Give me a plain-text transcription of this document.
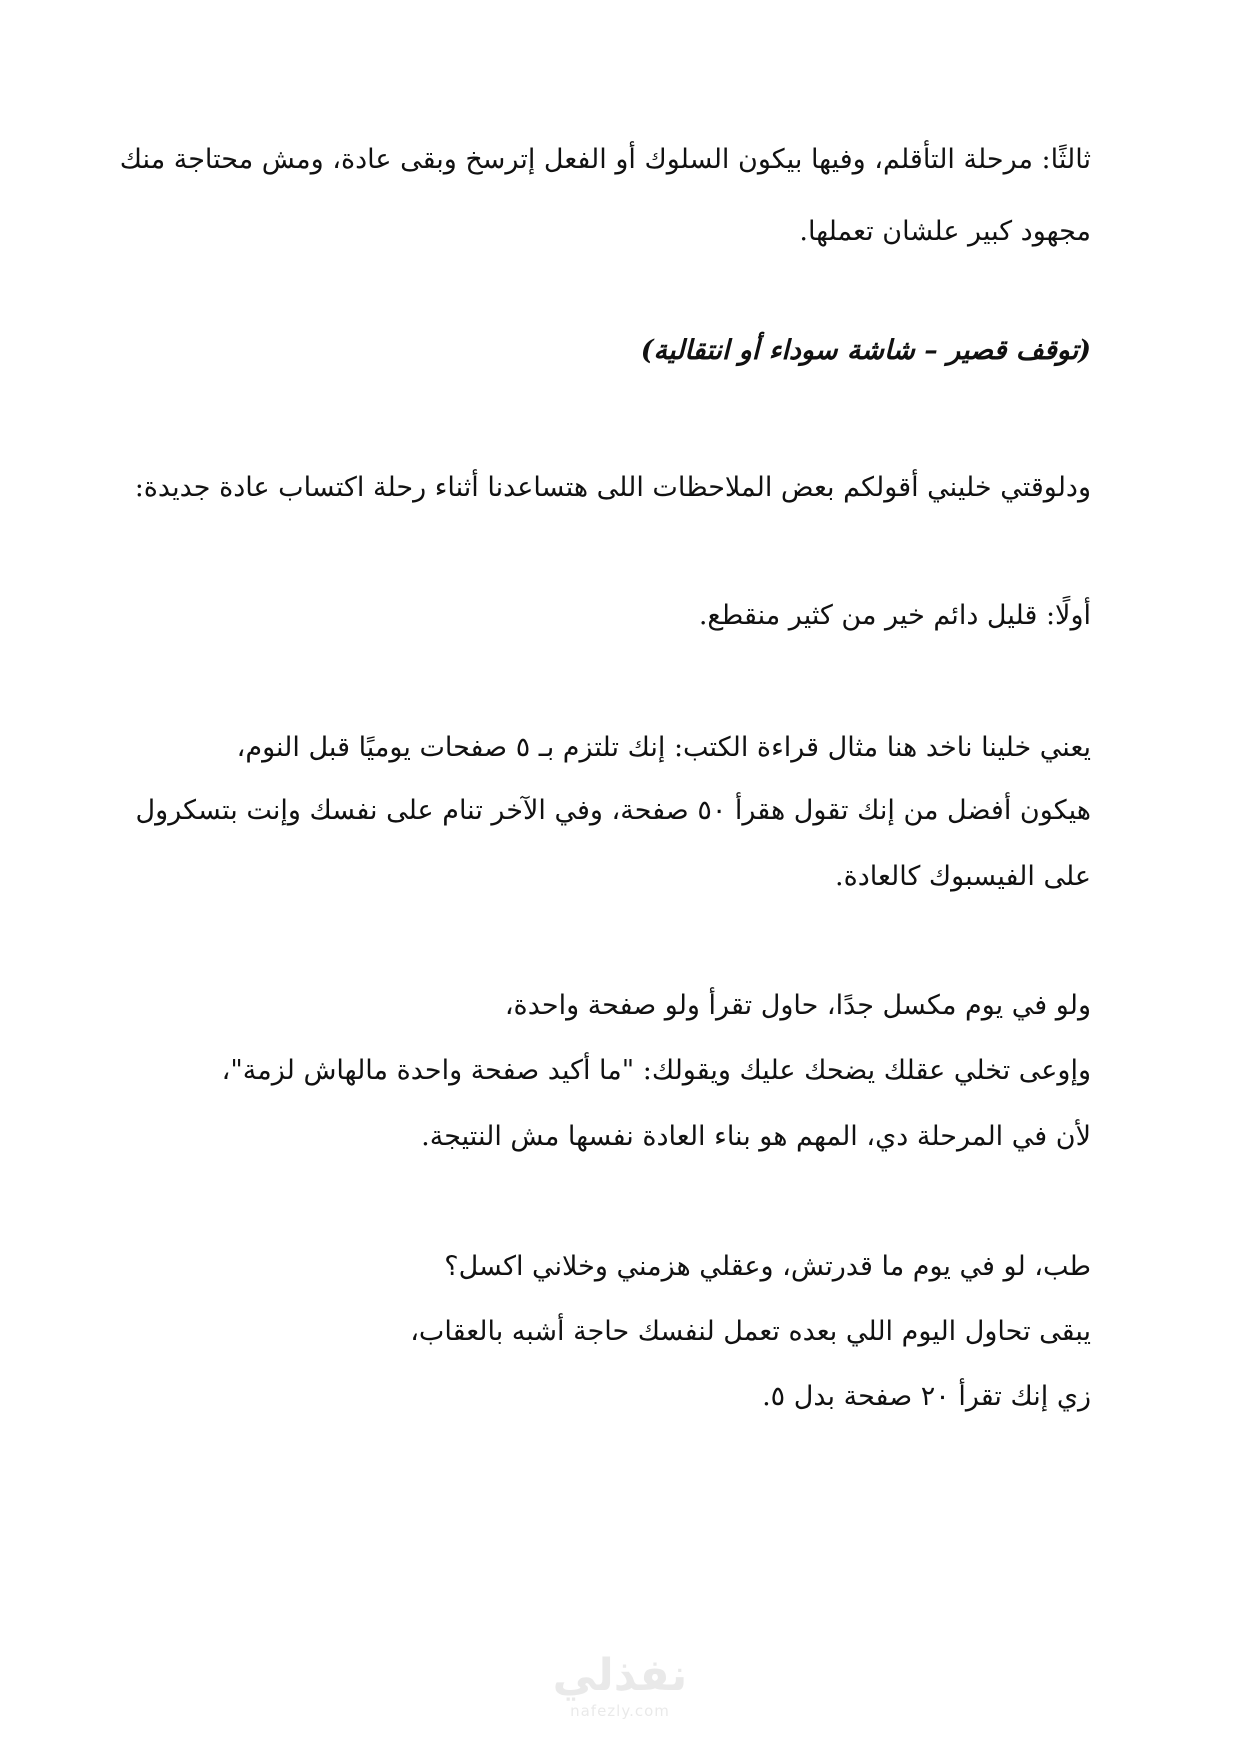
ثالثًا: مرحلة التأقلم، وفيها بيكون السلوك أو الفعل إترسخ وبقى عادة، ومش محتاجة منك
مجهود كبير علشان تعملها.
(توقف قصير – شاشة سوداء أو انتقالية)
ودلوقتي خليني أقولكم بعض الملاحظات اللى هتساعدنا أثناء رحلة اكتساب عادة جديدة:
أولًا: قليل دائم خير من كثير منقطع.
يعني خلينا ناخد هنا مثال قراءة الكتب: إنك تلتزم بـ ٥ صفحات يوميًا قبل النوم،
هيكون أفضل من إنك تقول هقرأ ٥٠ صفحة، وفي الآخر تنام على نفسك وإنت بتسكرول
على الفيسبوك كالعادة.
ولو في يوم مكسل جدًا، حاول تقرأ ولو صفحة واحدة،
وإوعى تخلي عقلك يضحك عليك ويقولك: "ما أكيد صفحة واحدة مالهاش لزمة"،
لأن في المرحلة دي، المهم هو بناء العادة نفسها مش النتيجة.
طب، لو في يوم ما قدرتش، وعقلي هزمني وخلاني اكسل؟
يبقى تحاول اليوم اللي بعده تعمل لنفسك حاجة أشبه بالعقاب،
زي إنك تقرأ ٢٠ صفحة بدل ٥.
نفذلي
nafezly.com
